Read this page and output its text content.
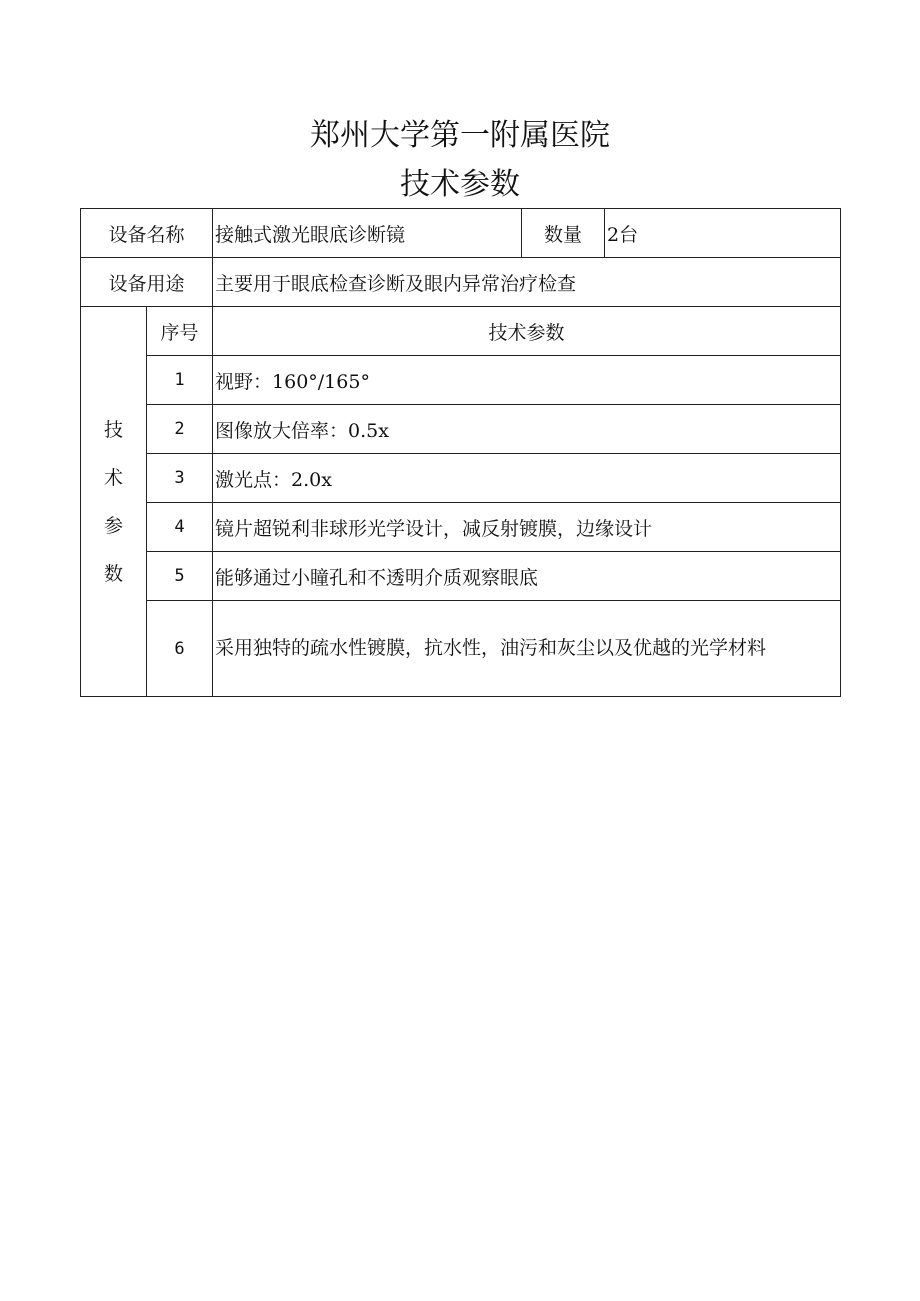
郑州大学第一附属医院
技术参数
设备名称		接触式激光眼底诊断镜	数量	2台
设备用途		主要用于眼底检查诊断及眼内异常治疗检查		

技
术
参
数	序号	技术参数		
	1	视野：160°/165°		
	2	图像放大倍率：0.5x		
	3	激光点：2.0x		
	4	镜片超锐利非球形光学设计，减反射镀膜，边缘设计		
	5	能够通过小瞳孔和不透明介质观察眼底		
	6	采用独特的疏水性镀膜，抗水性，油污和灰尘以及优越的光学材料		
